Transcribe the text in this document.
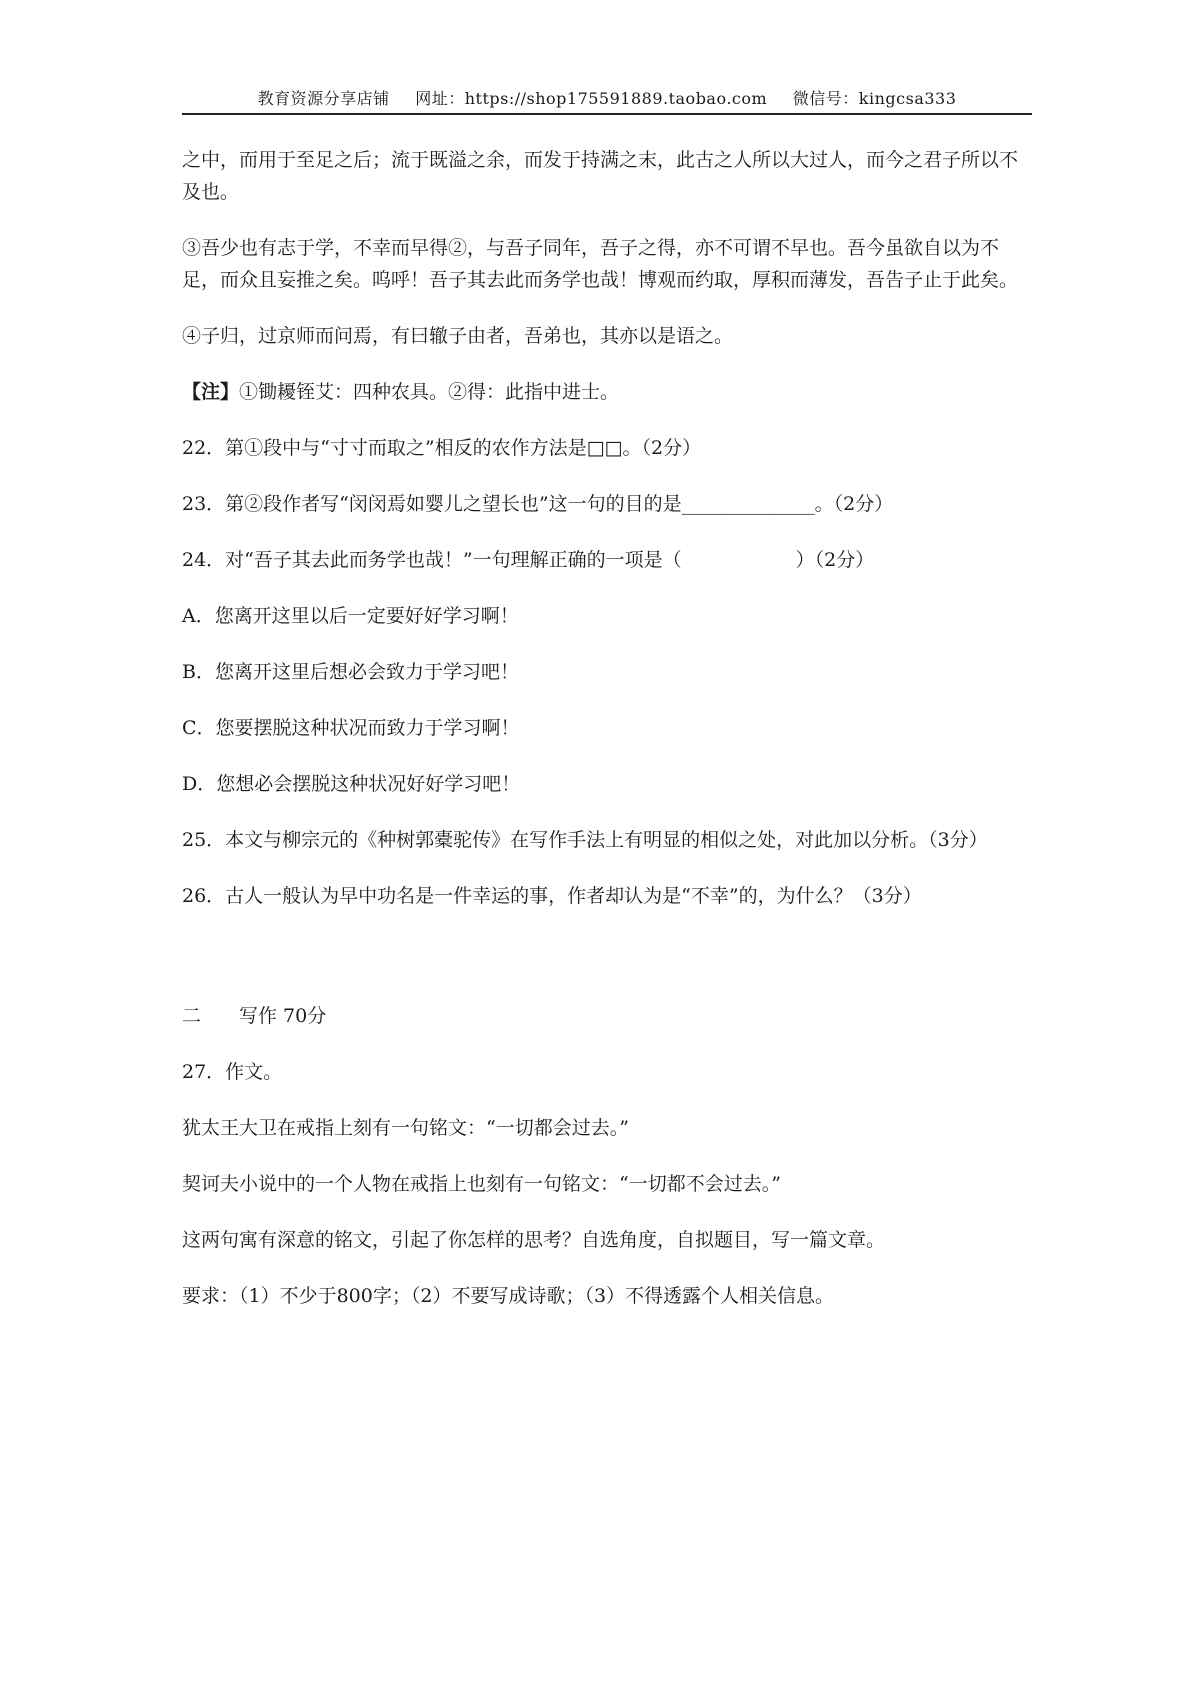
教育资源分享店铺 网址：https://shop175591889.taobao.com 微信号：kingcsa333

之中，而用于至足之后；流于既溢之余，而发于持满之末，此古之人所以大过人，而今之君子所以不及也。

③吾少也有志于学，不幸而早得②，与吾子同年，吾子之得，亦不可谓不早也。吾今虽欲自以为不足，而众且妄推之矣。呜呼！吾子其去此而务学也哉！博观而约取，厚积而薄发，吾告子止于此矣。

④子归，过京师而问焉，有曰辙子由者，吾弟也，其亦以是语之。

【注】①锄耰铚艾：四种农具。②得：此指中进士。

22．第①段中与“寸寸而取之”相反的农作方法是□□。（2分）

23．第②段作者写“闵闵焉如婴儿之望长也”这一句的目的是______________。（2分）

24．对“吾子其去此而务学也哉！”一句理解正确的一项是（　　　　　　）（2分）

A．您离开这里以后一定要好好学习啊！

B．您离开这里后想必会致力于学习吧！

C．您要摆脱这种状况而致力于学习啊！

D．您想必会摆脱这种状况好好学习吧！

25．本文与柳宗元的《种树郭橐驼传》在写作手法上有明显的相似之处，对此加以分析。（3分）

26．古人一般认为早中功名是一件幸运的事，作者却认为是“不幸”的，为什么？（3分）

二　　写作 70分

27．作文。

犹太王大卫在戒指上刻有一句铭文：“一切都会过去。”

契诃夫小说中的一个人物在戒指上也刻有一句铭文：“一切都不会过去。”

这两句寓有深意的铭文，引起了你怎样的思考？自选角度，自拟题目，写一篇文章。

要求：（1）不少于800字；（2）不要写成诗歌；（3）不得透露个人相关信息。
